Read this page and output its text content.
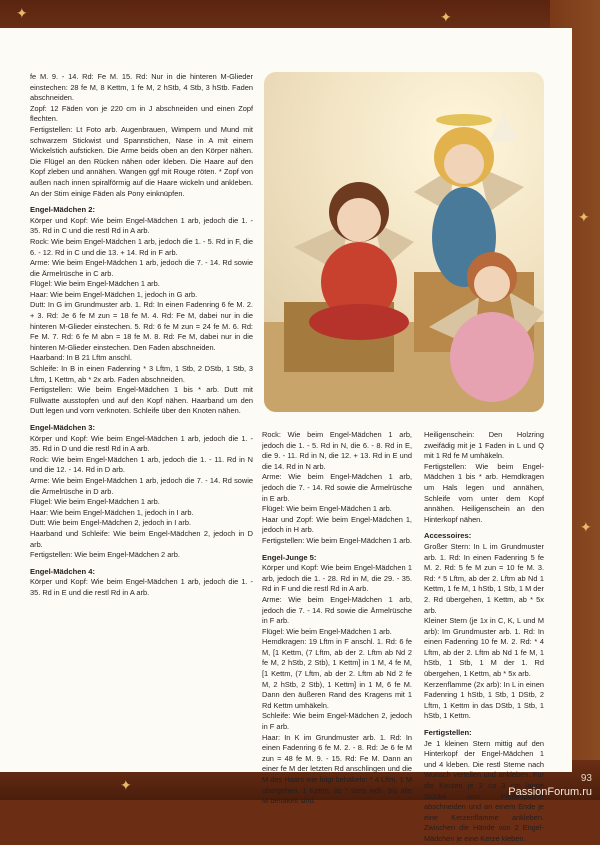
✦	✦
✦
✦
✦

fe M. 9. - 14. Rd: Fe M. 15. Rd: Nur in die hinteren M-Glieder einstechen: 28 fe M, 8 Kettm, 1 fe M, 2 hStb, 4 Stb, 3 hStb. Faden abschneiden.

Zopf: 12 Fäden von je 220 cm in J abschneiden und einen Zopf flechten.

Fertigstellen: Lt Foto arb. Augenbrauen, Wimpern und Mund mit schwarzem Stickwist und Spannstichen, Nase in A mit einem Wickelstich aufsticken. Die Arme beids oben an den Körper nähen. Die Flügel an den Rücken nähen oder kleben. Die Haare auf den Kopf zleben und annähen. Wangen ggf mit Rouge röten. * Zopf von außen nach innen spiralförmig auf die Haare wickeln und ankleben. An der Stirn einige Fäden als Pony einknüpfen.

Engel-Mädchen 2:

Körper und Kopf: Wie beim Engel-Mädchen 1 arb, jedoch die 1. - 35. Rd in C und die restl Rd in A arb.

Rock: Wie beim Engel-Mädchen 1 arb, jedoch die 1. - 5. Rd in F, die 6. - 12. Rd in C und die 13. + 14. Rd in F arb.

Arme: Wie beim Engel-Mädchen 1 arb, jedoch die 7. - 14. Rd sowie die Ärmelrüsche in C arb.

Flügel: Wie beim Engel-Mädchen 1 arb.

Haar: Wie beim Engel-Mädchen 1, jedoch in G arb.

Dutt: In G im Grundmuster arb. 1. Rd: In einen Fadenring 6 fe M. 2. + 3. Rd: Je 6 fe M zun = 18 fe M. 4. Rd: Fe M, dabei nur in die hinteren M-Glieder einstechen. 5. Rd: 6 fe M zun = 24 fe M. 6. Rd: Fe M. 7. Rd: 6 fe M abn = 18 fe M. 8. Rd: Fe M, dabei nur in die hinteren M-Glieder einstechen. Den Faden abschneiden.

Haarband: In B 21 Lftm anschl.

Schleife: In B in einen Fadenring * 3 Lftm, 1 Stb, 2 DStb, 1 Stb, 3 Lftm, 1 Kettm, ab * 2x arb. Faden abschneiden.

Fertigstellen: Wie beim Engel-Mädchen 1 bis * arb. Dutt mit Füllwatte ausstopfen und auf den Kopf nähen. Haarband um den Dutt legen und vorn verknoten. Schleife über den Knoten nähen.

Engel-Mädchen 3:

Körper und Kopf: Wie beim Engel-Mädchen 1 arb, jedoch die 1. - 35. Rd in D und die restl Rd in A arb.

Rock: Wie beim Engel-Mädchen 1 arb, jedoch die 1. - 11. Rd in N und die 12. - 14. Rd in D arb.

Arme: Wie beim Engel-Mädchen 1 arb, jedoch die 7. - 14. Rd sowie die Ärmelrüsche in D arb.

Flügel: Wie beim Engel-Mädchen 1 arb.

Haar: Wie beim Engel-Mädchen 1, jedoch in I arb.

Dutt: Wie beim Engel-Mädchen 2, jedoch in I arb.

Haarband und Schleife: Wie beim Engel-Mädchen 2, jedoch in D arb.

Fertigstellen: Wie beim Engel-Mädchen 2 arb.

Engel-Mädchen 4:

Körper und Kopf: Wie beim Engel-Mädchen 1 arb, jedoch die 1. - 35. Rd in E und die restl Rd in A arb.

Rock: Wie beim Engel-Mädchen 1 arb, jedoch die 1. - 5. Rd in N, die 6. - 8. Rd in E, die 9. - 11. Rd in N, die 12. + 13. Rd in E und die 14. Rd in N arb.

Arme: Wie beim Engel-Mädchen 1 arb, jedoch die 7. - 14. Rd sowie die Ärmelrüsche in E arb.

Flügel: Wie beim Engel-Mädchen 1 arb.

Haar und Zopf: Wie beim Engel-Mädchen 1, jedoch in H arb.

Fertigstellen: Wie beim Engel-Mädchen 1 arb.

Engel-Junge 5:

Körper und Kopf: Wie beim Engel-Mädchen 1 arb, jedoch die 1. - 28. Rd in M, die 29. - 35. Rd in F und die restl Rd in A arb.

Arme: Wie beim Engel-Mädchen 1 arb, jedoch die 7. - 14. Rd sowie die Ärmelrüsche in F arb.

Flügel: Wie beim Engel-Mädchen 1 arb.

Hemdkragen: 19 Lftm in F anschl. 1. Rd: 6 fe M, [1 Kettm, (7 Lftm, ab der 2. Lftm ab Nd 2 fe M, 2 hStb, 2 Stb), 1 Kettm] in 1 M, 4 fe M, [1 Kettm, (7 Lftm, ab der 2. Lftm ab Nd 2 fe M, 2 hStb, 2 Stb), 1 Kettm] in 1 M, 6 fe M. Dann den äußeren Rand des Kragens mit 1 Rd Kettm umhäkeln.

Schleife: Wie beim Engel-Mädchen 2, jedoch in F arb.

Haar: In K im Grundmuster arb. 1. Rd: In einen Fadenring 6 fe M. 2. - 8. Rd: Je 6 fe M zun = 48 fe M. 9. - 15. Rd: Fe M. Dann an einer fe M der letzten Rd anschlingen und die M des Haars wie folgt behäkeln: * 4 Lftm, 1 M übergehen, 1 Kettm, ab * stets wdh, bis alle M behäkelt sind.

Heiligenschein: Den Holzring zweifädig mit je 1 Faden in L und Q mit 1 Rd fe M umhäkeln.

Fertigstellen: Wie beim Engel-Mädchen 1 bis * arb. Hemdkragen um Hals legen und annähen, Schleife vorn unter dem Kopf annähen. Heiligenschein an den Hinterkopf nähen.

Accessoires:

Großer Stern: In L im Grundmuster arb. 1. Rd: In einen Fadenring 5 fe M. 2. Rd: 5 fe M zun = 10 fe M. 3. Rd: * 5 Lftm, ab der 2. Lftm ab Nd 1 Kettm, 1 fe M, 1 hStb, 1 Stb, 1 M der 2. Rd übergehen, 1 Kettm, ab * 5x arb.

Kleiner Stern (je 1x in C, K, L und M arb): Im Grundmuster arb. 1. Rd: In einen Fadenring 10 fe M. 2. Rd: * 4 Lftm, ab der 2. Lftm ab Nd 1 fe M, 1 hStb, 1 Stb, 1 M der 1. Rd übergehen, 1 Kettm, ab * 5x arb.

Kerzenflamme (2x arb): In L in einen Fadenring 1 hStb, 1 Stb, 1 DStb, 2 Lftm, 1 Kettm in das DStb, 1 Stb, 1 hStb, 1 Kettm.

Fertigstellen:

Je 1 kleinen Stern mittig auf den Hinterkopf der Engel-Mädchen 1 und 4 kleben. Die restl Sterne nach Wunsch verteilen und ankleben. Für die Kerzen je 2 ca 3 cm lange Stücke vom Pfeifenputzer abschneiden und an einem Ende je eine Kerzenflamme ankleben. Zwischen die Hände von 2 Engel-Mädchen je eine Kerze kleben.

93
PassionForum.ru
